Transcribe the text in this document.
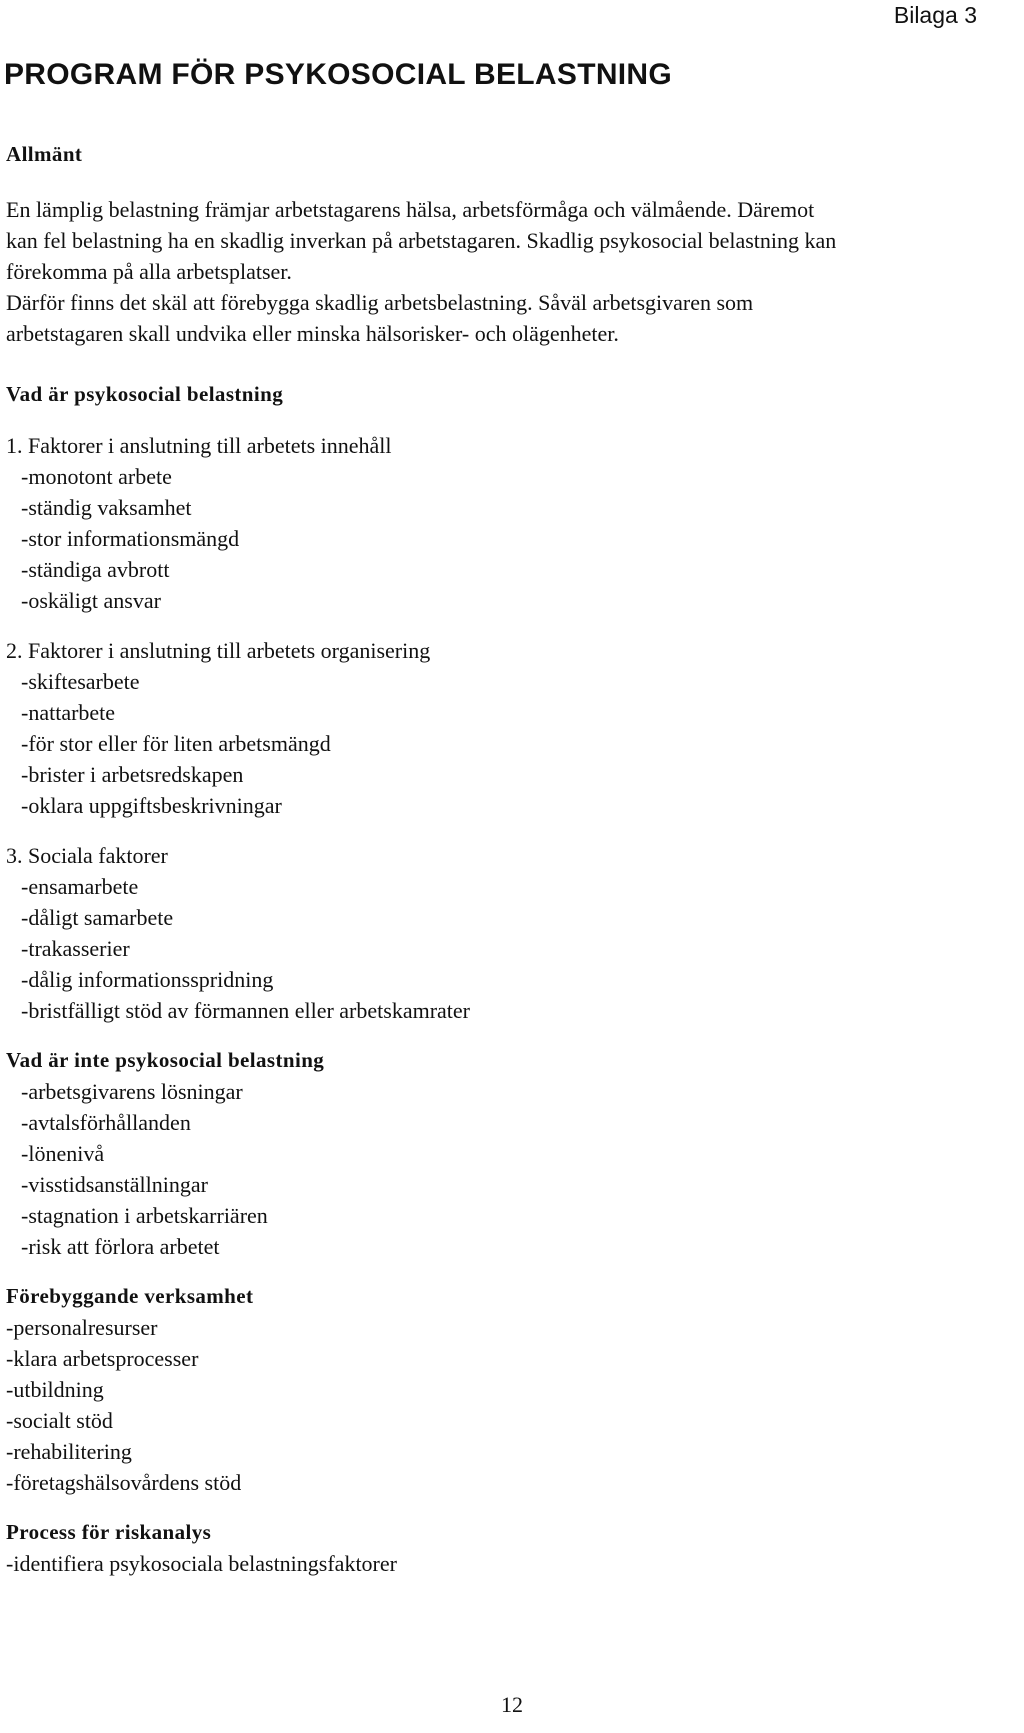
Bilaga 3
PROGRAM FÖR PSYKOSOCIAL BELASTNING
Allmänt

En lämplig belastning främjar arbetstagarens hälsa, arbetsförmåga och välmående. Däremot

kan fel belastning ha en skadlig inverkan på arbetstagaren. Skadlig psykosocial belastning kan

förekomma på alla arbetsplatser.

Därför finns det skäl att förebygga skadlig arbetsbelastning. Såväl arbetsgivaren som

arbetstagaren skall undvika eller minska hälsorisker- och olägenheter.

Vad är psykosocial belastning

1. Faktorer i anslutning till arbetets innehåll

-monotont arbete
-ständig vaksamhet
-stor informationsmängd
-ständiga avbrott
-oskäligt ansvar

2. Faktorer i anslutning till arbetets organisering

-skiftesarbete
-nattarbete
-för stor eller för liten arbetsmängd
-brister i arbetsredskapen
-oklara uppgiftsbeskrivningar

3. Sociala faktorer

-ensamarbete
-dåligt samarbete
-trakasserier
-dålig informationsspridning
-bristfälligt stöd av förmannen eller arbetskamrater
Vad är inte psykosocial belastning
-arbetsgivarens lösningar
-avtalsförhållanden
-lönenivå
-visstidsanställningar
-stagnation i arbetskarriären
-risk att förlora arbetet
Förebyggande verksamhet
-personalresurser
-klara arbetsprocesser
-utbildning
-socialt stöd
-rehabilitering
-företagshälsovårdens stöd
Process för riskanalys
-identifiera psykosociala belastningsfaktorer
12
